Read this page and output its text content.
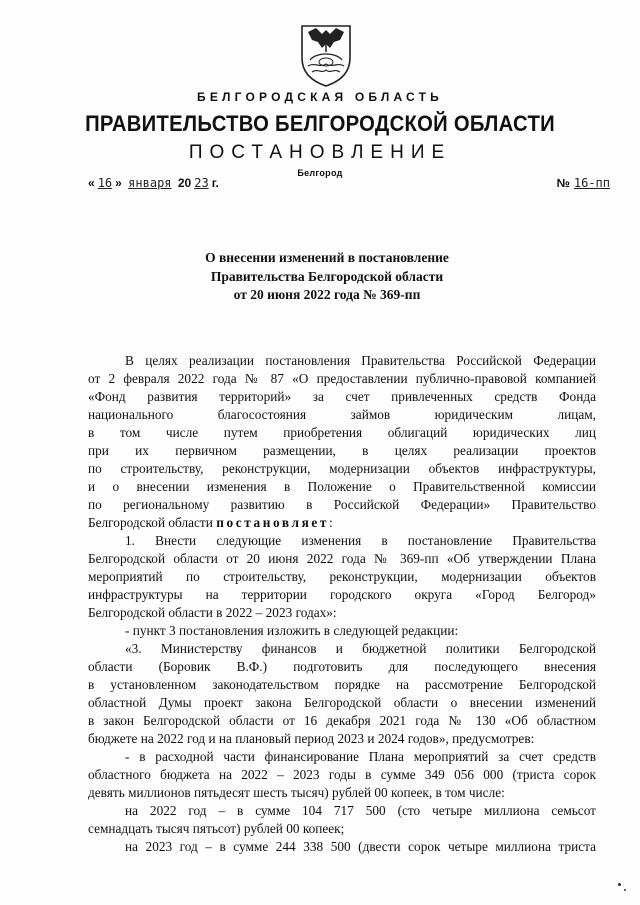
БЕЛГОРОДСКАЯ ОБЛАСТЬ
ПРАВИТЕЛЬСТВО БЕЛГОРОДСКОЙ ОБЛАСТИ
ПОСТАНОВЛЕНИЕ
Белгород
« 16 » января 20 23 г.	№ 16-пп
О внесении изменений в постановление
Правительства Белгородской области
от 20 июня 2022 года № 369-пп

В целях реализации постановления Правительства Российской Федерации

от 2 февраля 2022 года № 87 «О предоставлении публично-правовой компанией

«Фонд развития территорий» за счет привлеченных средств Фонда

национального благосостояния займов юридическим лицам,

в том числе путем приобретения облигаций юридических лиц

при их первичном размещении, в целях реализации проектов

по строительству, реконструкции, модернизации объектов инфраструктуры,

и о внесении изменения в Положение о Правительственной комиссии

по региональному развитию в Российской Федерации» Правительство

Белгородской области постановляет:

1. Внести следующие изменения в постановление Правительства

Белгородской области от 20 июня 2022 года № 369-пп «Об утверждении Плана

мероприятий по строительству, реконструкции, модернизации объектов

инфраструктуры на территории городского округа «Город Белгород»

Белгородской области в 2022 – 2023 годах»:

- пункт 3 постановления изложить в следующей редакции:

«3. Министерству финансов и бюджетной политики Белгородской

области (Боровик В.Ф.) подготовить для последующего внесения

в установленном законодательством порядке на рассмотрение Белгородской

областной Думы проект закона Белгородской области о внесении изменений

в закон Белгородской области от 16 декабря 2021 года № 130 «Об областном

бюджете на 2022 год и на плановый период 2023 и 2024 годов», предусмотрев:

- в расходной части финансирование Плана мероприятий за счет средств

областного бюджета на 2022 – 2023 годы в сумме 349 056 000 (триста сорок

девять миллионов пятьдесят шесть тысяч) рублей 00 копеек, в том числе:

на 2022 год – в сумме 104 717 500 (сто четыре миллиона семьсот

семнадцать тысяч пятьсот) рублей 00 копеек;

на 2023 год – в сумме 244 338 500 (двести сорок четыре миллиона триста
